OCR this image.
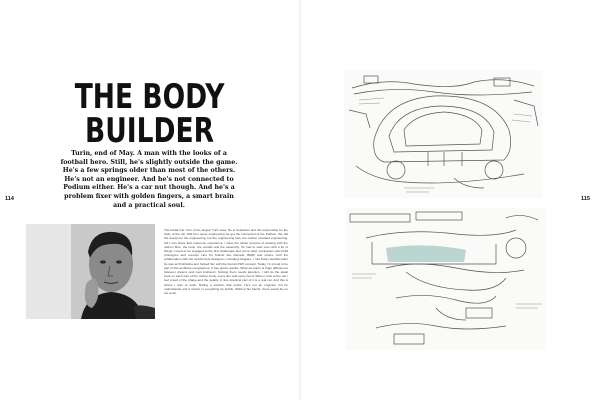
THE BODY
BUILDER
Turin, end of May. A man with the looks of a football hero. Still, he's slightly outside the game. He's a few springs older than most of the others. He's not an engineer. And he's not connected to Podium either. He's a car nut though. And he's a problem fixer with golden fingers, a smart brain and a practical soul.
114
The Pedal Car: One of the largest Turin area. He is freelancer and the responsible for the body of the car. Still he's never engineering he got the connected of the Podium. We did the design for the engineering, but the engineering part, the carbon moulded engineering, will I can share that reference experience. I have the whole process of working with the carbon fibre, the tools, the moulds and the assembly. He had to start over with a lot of things. Loved to be engaged at the first challenges and some other companies who build prototypes and concept cars for brands like Renault, BMW and others. And the collaboration with the world's best designers, including Giugiaro. I met Paolo Garella when he was at Pininfarina and helped him with the Ferrari P4/5 concept. Today, I'm proud to be part of this ambitious programme. It has grown quickly. What we learnt is huge differences between dreams and road problems. Solving them needs attention. I still do the detail work on each part of the carbon body, every line and every bend. When I look at the car I feel proud of the shape and the quality. A nice practical part of it is a real car. And this is where I love to work, finding a solution that works. He's not an engineer but he understands and it shows in everything he builds. Without his hands, there would be no car at all.
115
